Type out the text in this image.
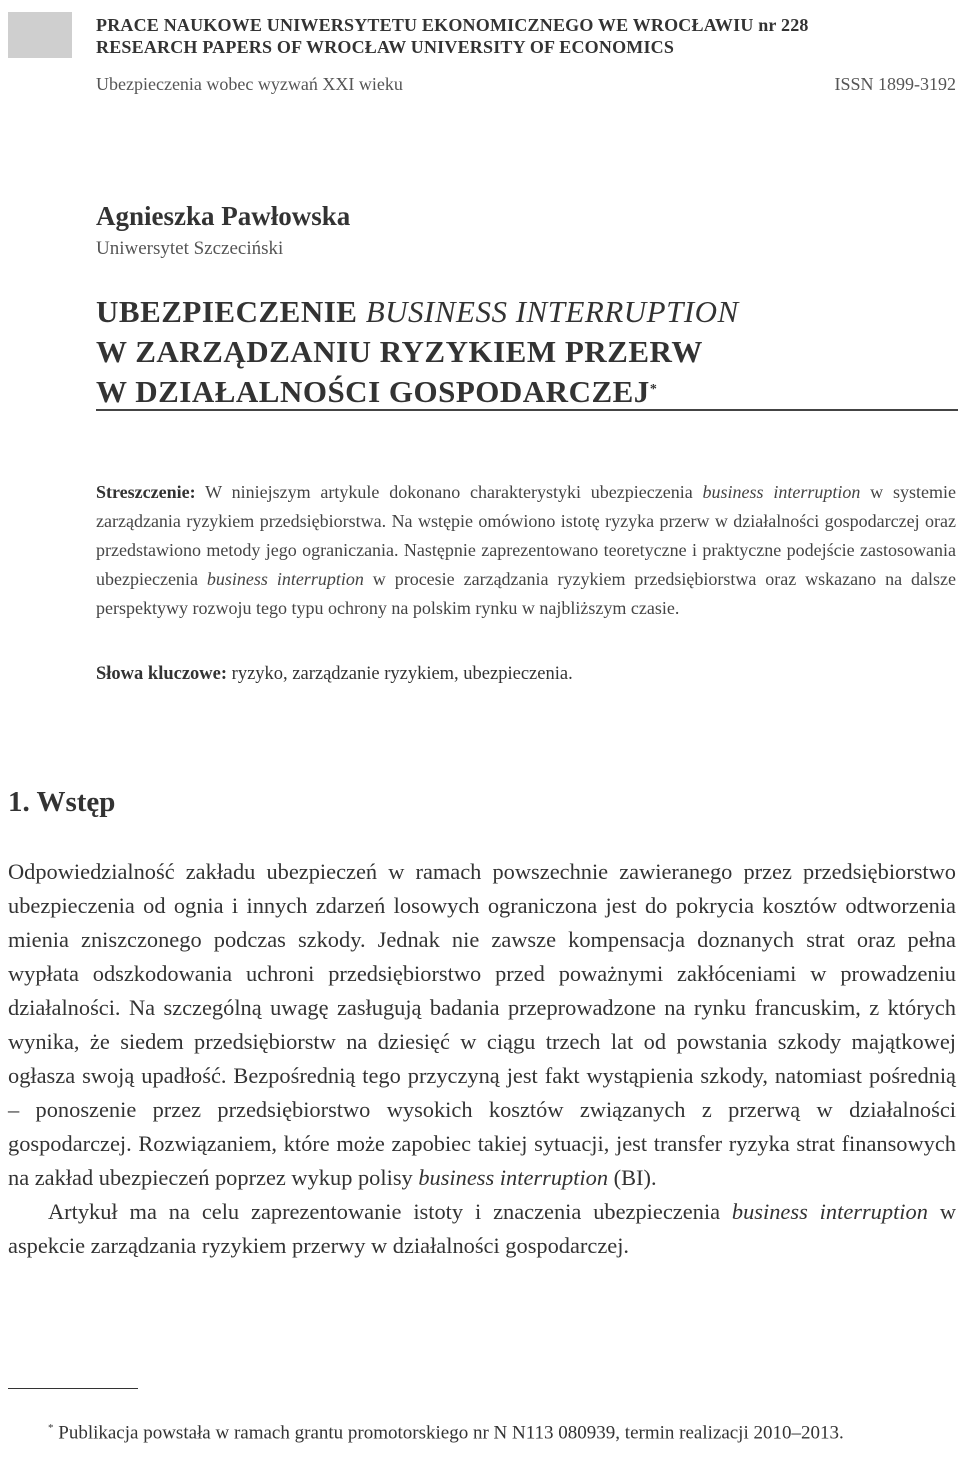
PRACE NAUKOWE UNIWERSYTETU EKONOMICZNEGO WE WROCŁAWIU nr 228
RESEARCH PAPERS OF WROCŁAW UNIVERSITY OF ECONOMICS
Ubezpieczenia wobec wyzwań XXI wieku	ISSN 1899-3192
Agnieszka Pawłowska
Uniwersytet Szczeciński
UBEZPIECZENIE BUSINESS INTERRUPTION
W ZARZĄDZANIU RYZYKIEM PRZERW
W DZIAŁALNOŚCI GOSPODARCZEJ*
Streszczenie: W niniejszym artykule dokonano charakterystyki ubezpieczenia business interruption w systemie zarządzania ryzykiem przedsiębiorstwa. Na wstępie omówiono istotę ryzyka przerw w działalności gospodarczej oraz przedstawiono metody jego ograniczania. Następnie zaprezentowano teoretyczne i praktyczne podejście zastosowania ubezpieczenia business interruption w procesie zarządzania ryzykiem przedsiębiorstwa oraz wskazano na dalsze perspektywy rozwoju tego typu ochrony na polskim rynku w najbliższym czasie.
Słowa kluczowe: ryzyko, zarządzanie ryzykiem, ubezpieczenia.
1. Wstęp

Odpowiedzialność zakładu ubezpieczeń w ramach powszechnie zawieranego przez przedsiębiorstwo ubezpieczenia od ognia i innych zdarzeń losowych ograniczona jest do pokrycia kosztów odtworzenia mienia zniszczonego podczas szkody. Jednak nie zawsze kompensacja doznanych strat oraz pełna wypłata odszkodowania uchroni przedsiębiorstwo przed poważnymi zakłóceniami w prowadzeniu działalności. Na szczególną uwagę zasługują badania przeprowadzone na rynku francuskim, z których wynika, że siedem przedsiębiorstw na dziesięć w ciągu trzech lat od powstania szkody majątkowej ogłasza swoją upadłość. Bezpośrednią tego przyczyną jest fakt wystąpienia szkody, natomiast pośrednią – ponoszenie przez przedsiębiorstwo wysokich kosztów związanych z przerwą w działalności gospodarczej. Rozwiązaniem, które może zapobiec takiej sytuacji, jest transfer ryzyka strat finansowych na zakład ubezpieczeń poprzez wykup polisy business interruption (BI).

Artykuł ma na celu zaprezentowanie istoty i znaczenia ubezpieczenia business interruption w aspekcie zarządzania ryzykiem przerwy w działalności gospodarczej.

* Publikacja powstała w ramach grantu promotorskiego nr N N113 080939, termin realizacji 2010–2013.
